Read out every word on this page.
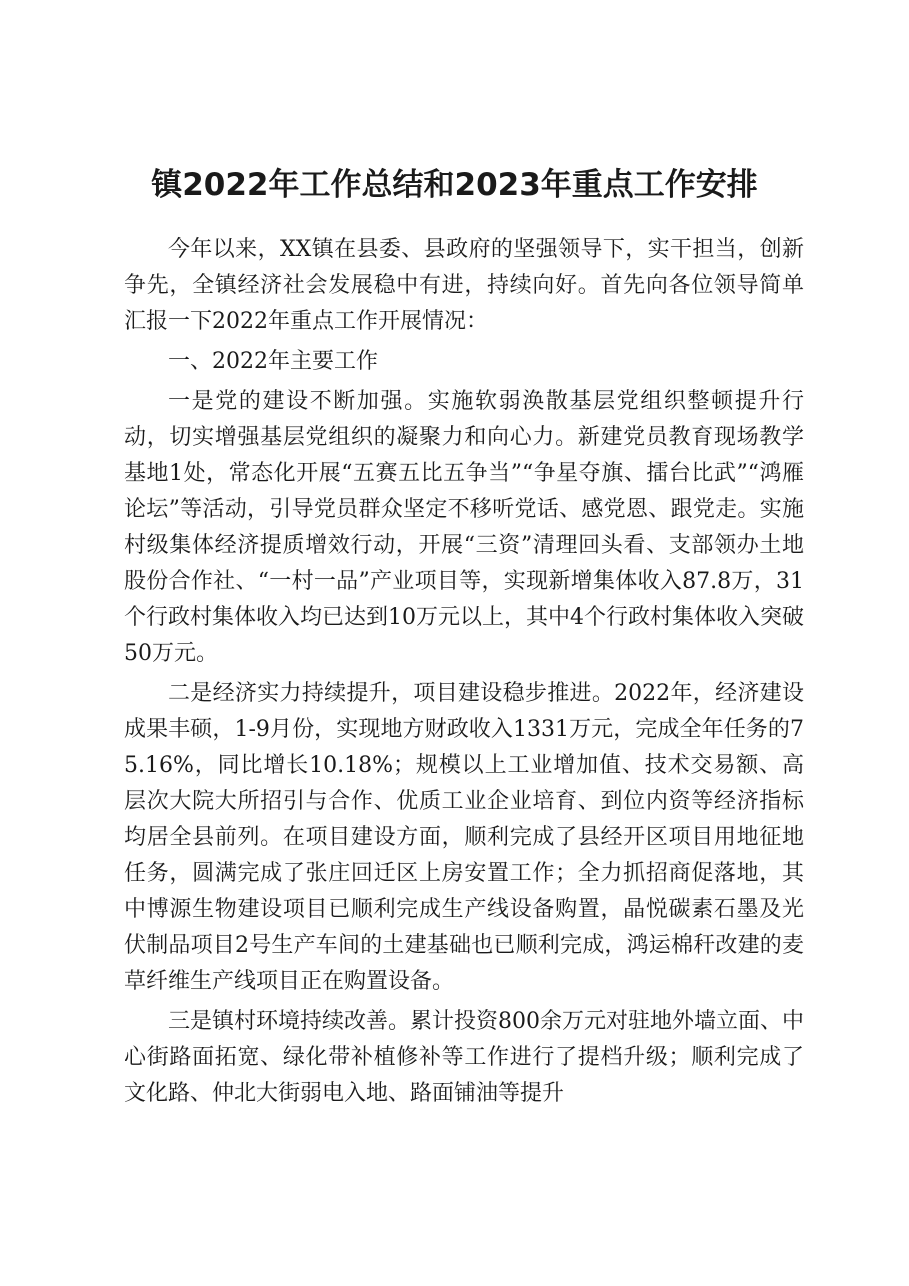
镇2022年工作总结和2023年重点工作安排

今年以来，XX镇在县委、县政府的坚强领导下，实干担当，创新争先，全镇经济社会发展稳中有进，持续向好。首先向各位领导简单汇报一下2022年重点工作开展情况：

一、2022年主要工作

一是党的建设不断加强。实施软弱涣散基层党组织整顿提升行动，切实增强基层党组织的凝聚力和向心力。新建党员教育现场教学基地1处，常态化开展“五赛五比五争当”“争星夺旗、擂台比武”“鸿雁论坛”等活动，引导党员群众坚定不移听党话、感党恩、跟党走。实施村级集体经济提质增效行动，开展“三资”清理回头看、支部领办土地股份合作社、“一村一品”产业项目等，实现新增集体收入87.8万，31个行政村集体收入均已达到10万元以上，其中4个行政村集体收入突破50万元。

二是经济实力持续提升，项目建设稳步推进。2022年，经济建设成果丰硕，1-9月份，实现地方财政收入1331万元，完成全年任务的75.16%，同比增长10.18%；规模以上工业增加值、技术交易额、高层次大院大所招引与合作、优质工业企业培育、到位内资等经济指标均居全县前列。在项目建设方面，顺利完成了县经开区项目用地征地任务，圆满完成了张庄回迁区上房安置工作；全力抓招商促落地，其中博源生物建设项目已顺利完成生产线设备购置，晶悦碳素石墨及光伏制品项目2号生产车间的土建基础也已顺利完成，鸿运棉秆改建的麦草纤维生产线项目正在购置设备。

三是镇村环境持续改善。累计投资800余万元对驻地外墙立面、中心街路面拓宽、绿化带补植修补等工作进行了提档升级；顺利完成了文化路、仲北大街弱电入地、路面铺油等提升
